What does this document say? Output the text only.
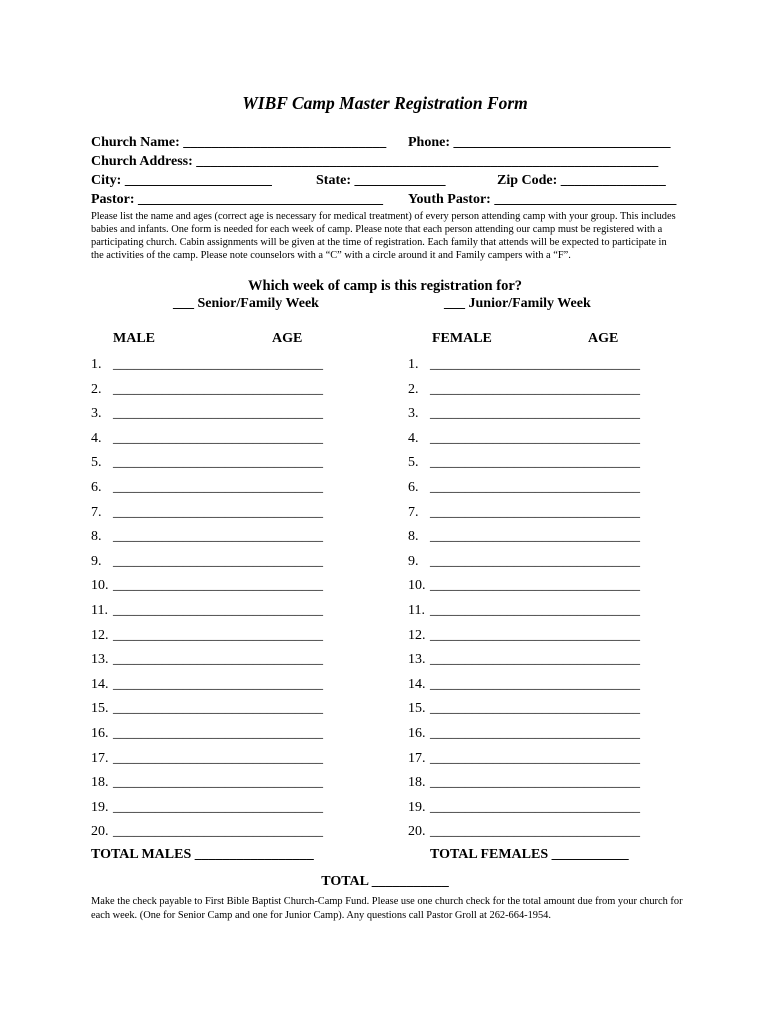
WIBF Camp Master Registration Form
Church Name: _____________________________ Phone: _______________________________
Church Address: __________________________________________________________________
City: _____________________	State: _____________	Zip Code: _______________
Pastor: ___________________________________ Youth Pastor: __________________________
Please list the name and ages (correct age is necessary for medical treatment) of every person attending camp with your group. This includes babies and infants. One form is needed for each week of camp. Please note that each person attending our camp must be registered with a participating church. Cabin assignments will be given at the time of registration. Each family that attends will be expected to participate in the activities of the camp. Please note counselors with a “C” with a circle around it and Family campers with a “F”.
Which week of camp is this registration for?
___ Senior/Family Week	___ Junior/Family Week
MALE	AGE	FEMALE	AGE
1. ______________________________	1. ______________________________
2. ______________________________	2. ______________________________
3. ______________________________	3. ______________________________
4. ______________________________	4. ______________________________
5. ______________________________	5. ______________________________
6. ______________________________	6. ______________________________
7. ______________________________	7. ______________________________
8. ______________________________	8. ______________________________
9. ______________________________	9. ______________________________
10. ______________________________	10. ______________________________
11. ______________________________	11. ______________________________
12. ______________________________	12. ______________________________
13. ______________________________	13. ______________________________
14. ______________________________	14. ______________________________
15. ______________________________	15. ______________________________
16. ______________________________	16. ______________________________
17. ______________________________	17. ______________________________
18. ______________________________	18. ______________________________
19. ______________________________	19. ______________________________
20. ______________________________	20. ______________________________
TOTAL MALES _________________	TOTAL FEMALES ___________
TOTAL ___________
Make the check payable to First Bible Baptist Church-Camp Fund. Please use one church check for the total amount due from your church for each week. (One for Senior Camp and one for Junior Camp). Any questions call Pastor Groll at 262-664-1954.
